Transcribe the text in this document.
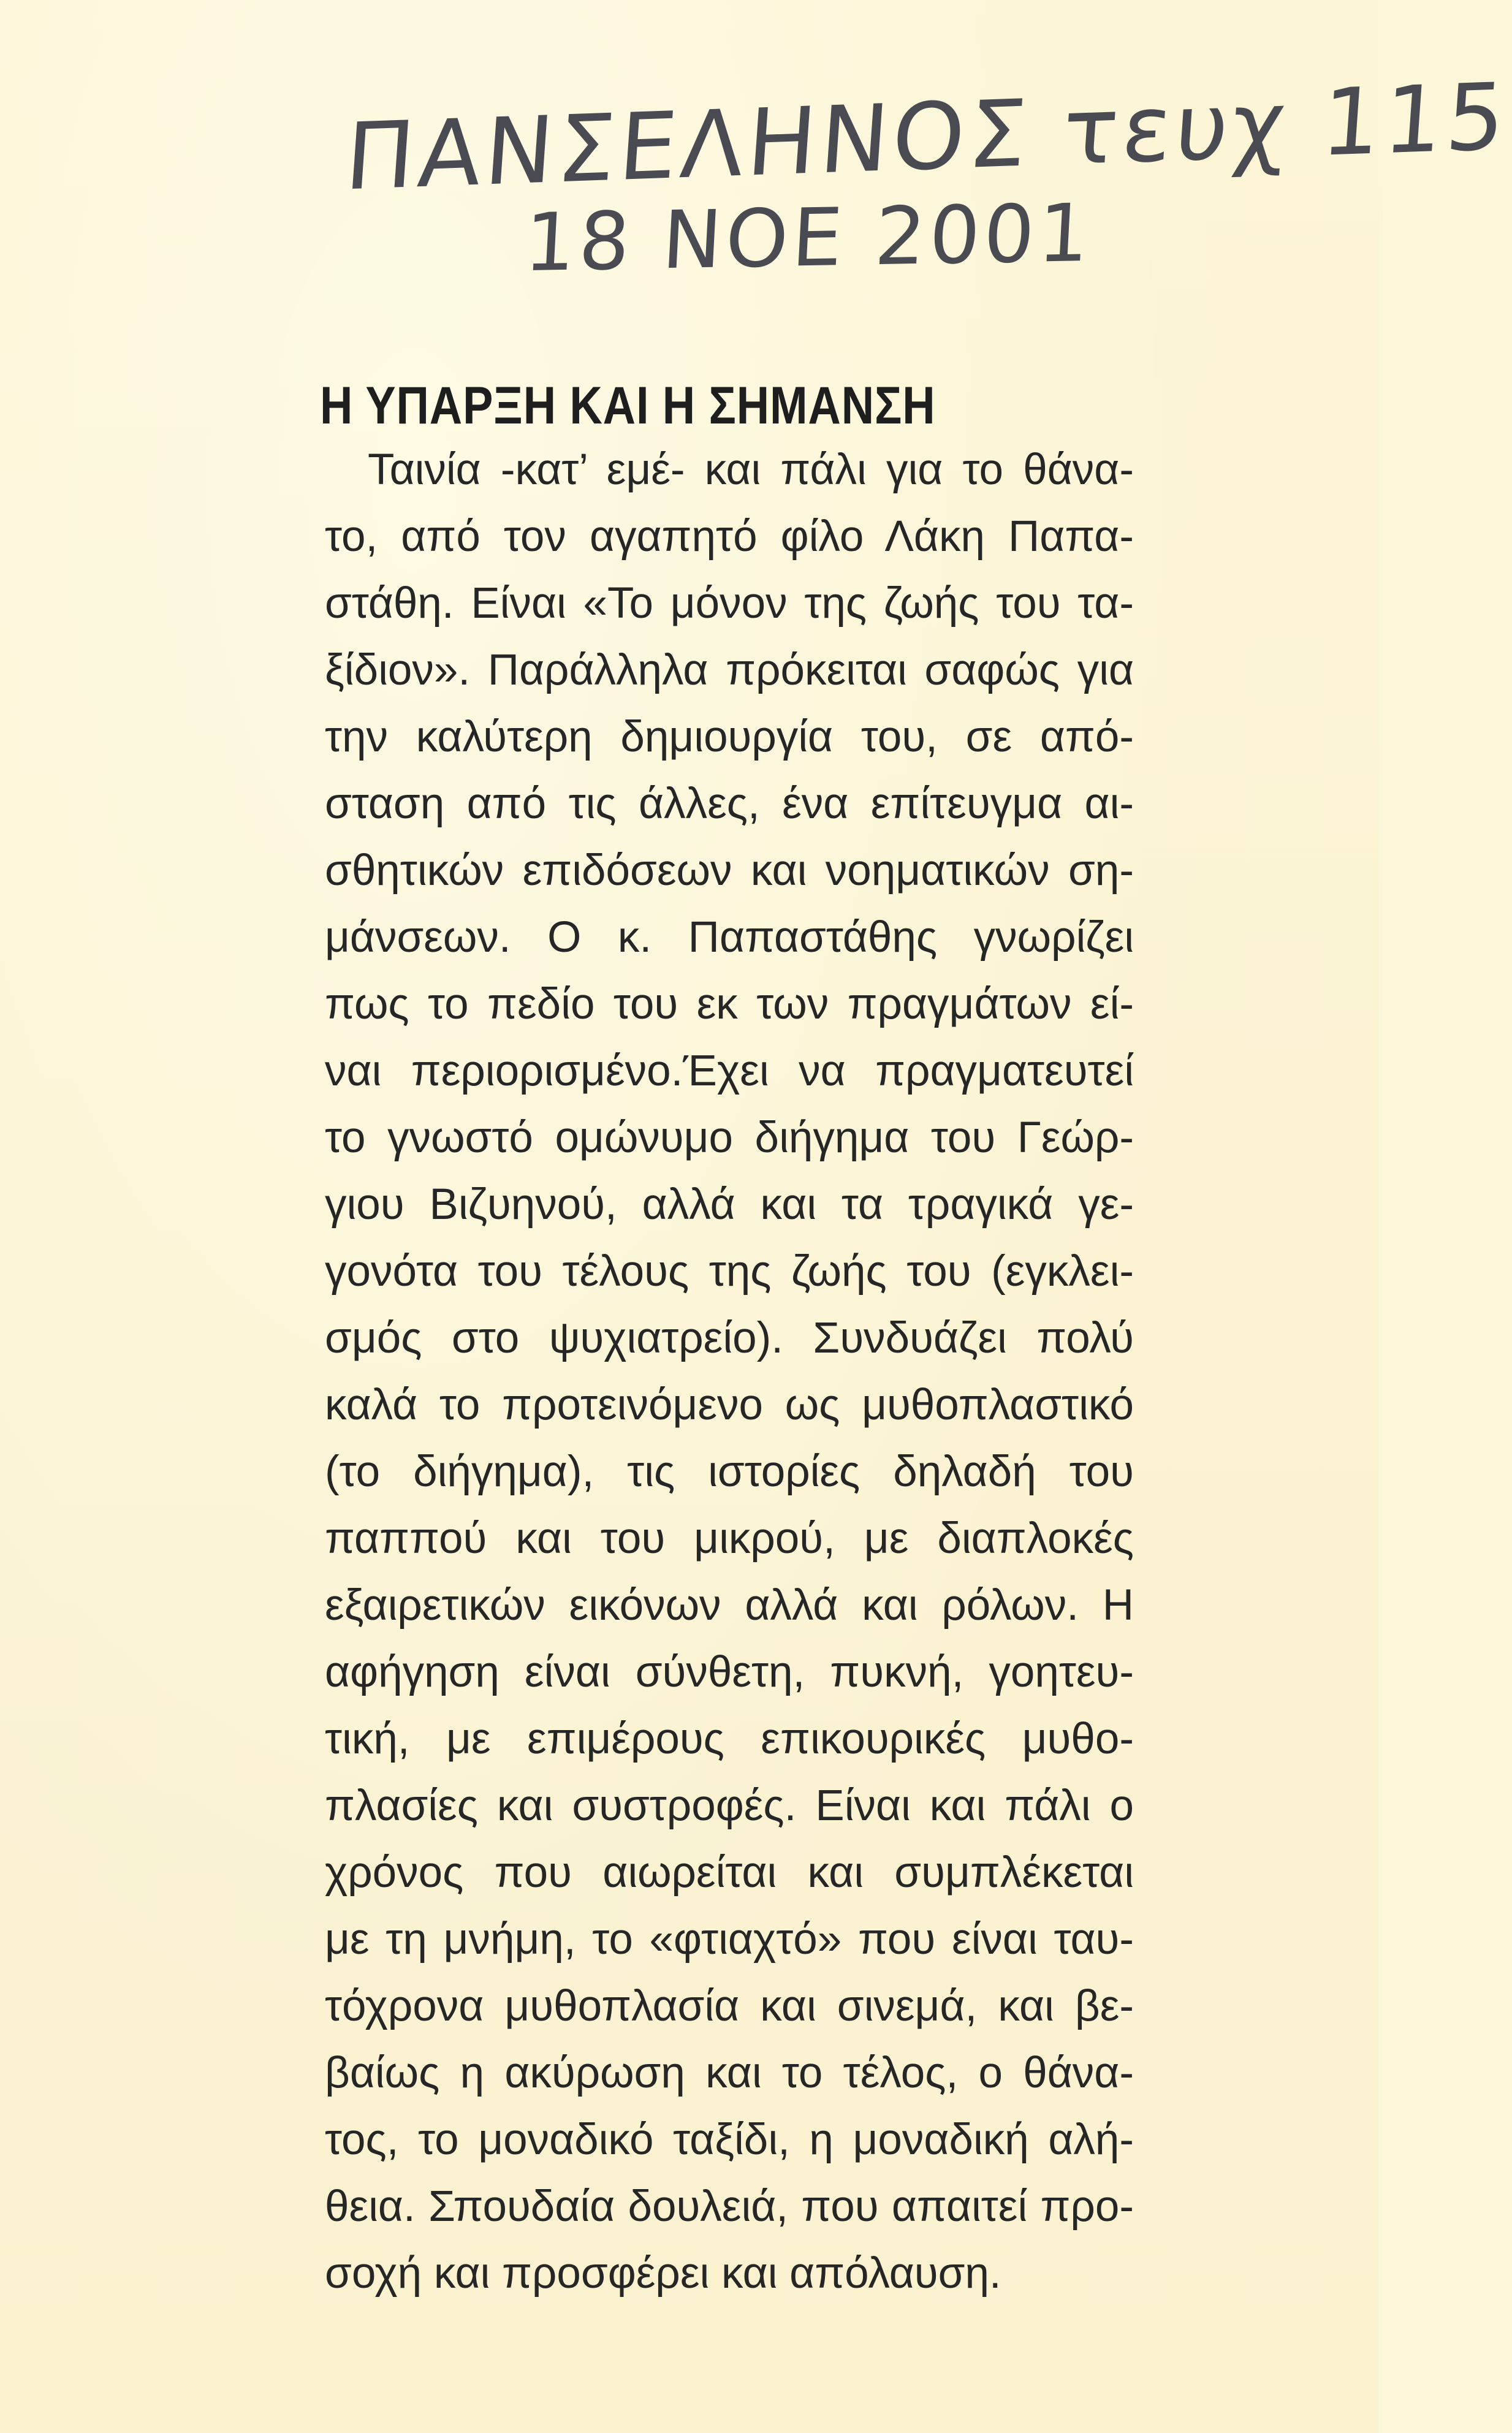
ΠΑΝΣΕΛΗΝΟΣ τευχ 115
18 ΝΟΕ 2001
Η ΥΠΑΡΞΗ ΚΑΙ Η ΣΗΜΑΝΣΗ
Ταινία -κατ’ εμέ- και πάλι για το θάνα-
το, από τον αγαπητό φίλο Λάκη Παπα-
στάθη. Είναι «Το μόνον της ζωής του τα-
ξίδιον». Παράλληλα πρόκειται σαφώς για
την καλύτερη δημιουργία του, σε από-
σταση από τις άλλες, ένα επίτευγμα αι-
σθητικών επιδόσεων και νοηματικών ση-
μάνσεων. Ο κ. Παπαστάθης γνωρίζει
πως το πεδίο του εκ των πραγμάτων εί-
ναι περιορισμένο.Έχει να πραγματευτεί
το γνωστό ομώνυμο διήγημα του Γεώρ-
γιου Βιζυηνού, αλλά και τα τραγικά γε-
γονότα του τέλους της ζωής του (εγκλει-
σμός στο ψυχιατρείο). Συνδυάζει πολύ
καλά το προτεινόμενο ως μυθοπλαστικό
(το διήγημα), τις ιστορίες δηλαδή του
παππού και του μικρού, με διαπλοκές
εξαιρετικών εικόνων αλλά και ρόλων. Η
αφήγηση είναι σύνθετη, πυκνή, γοητευ-
τική, με επιμέρους επικουρικές μυθο-
πλασίες και συστροφές. Είναι και πάλι ο
χρόνος που αιωρείται και συμπλέκεται
με τη μνήμη, το «φτιαχτό» που είναι ταυ-
τόχρονα μυθοπλασία και σινεμά, και βε-
βαίως η ακύρωση και το τέλος, ο θάνα-
τος, το μοναδικό ταξίδι, η μοναδική αλή-
θεια. Σπουδαία δουλειά, που απαιτεί προ-
σοχή και προσφέρει και απόλαυση.
